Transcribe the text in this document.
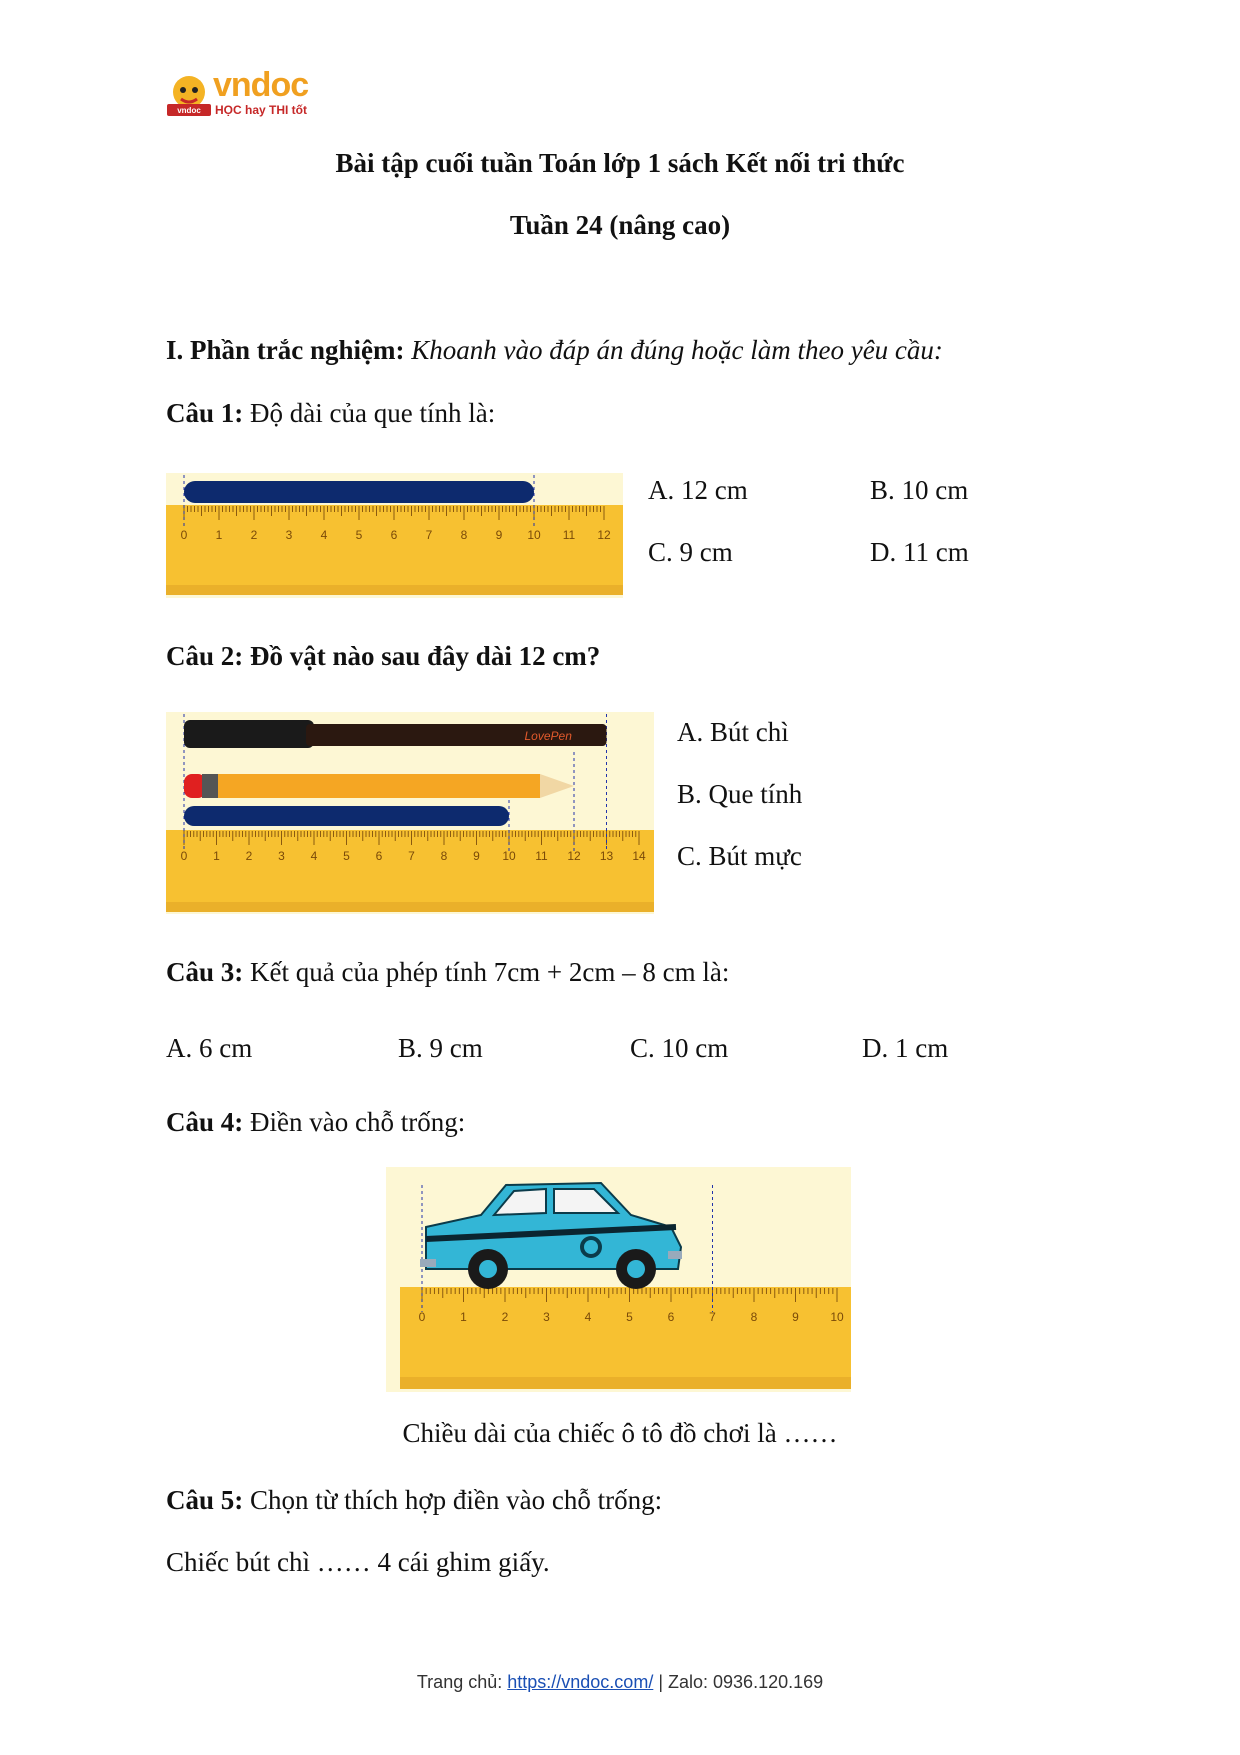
vndoc
vndoc
HỌC hay THI tốt
Bài tập cuối tuần Toán lớp 1 sách Kết nối tri thức
Tuần 24 (nâng cao)
I. Phần trắc nghiệm: Khoanh vào đáp án đúng hoặc làm theo yêu cầu:
Câu 1: Độ dài của que tính là:
0 1 2 3 4 5 6 7 8 9 10 11 12
A. 12 cm	B. 10 cm
C. 9 cm	D. 11 cm
Câu 2: Đồ vật nào sau đây dài 12 cm?
0 1 2 3 4 5 6 7 8 9 10 11 12 13 14
LovePen	A. Bút chì
B. Que tính
C. Bút mực
Câu 3: Kết quả của phép tính 7cm + 2cm – 8 cm là:
A. 6 cm	B. 9 cm	C. 10 cm	D. 1 cm
Câu 4: Điền vào chỗ trống:
0	1	2	3	4	5	6	7	8	9	10
Chiều dài của chiếc ô tô đồ chơi là ……
Câu 5: Chọn từ thích hợp điền vào chỗ trống:
Chiếc bút chì …… 4 cái ghim giấy.
Trang chủ: https://vndoc.com/ | Zalo: 0936.120.169
